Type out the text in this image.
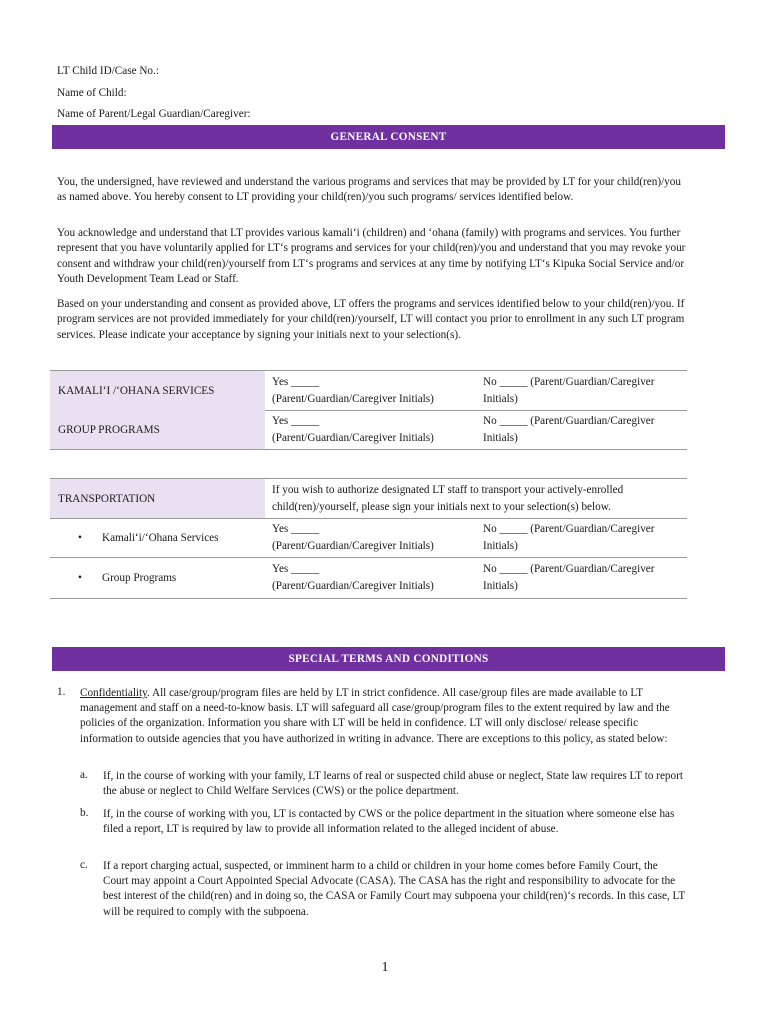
LT Child ID/Case No.:
Name of Child:
Name of Parent/Legal Guardian/Caregiver:
GENERAL CONSENT
You, the undersigned, have reviewed and understand the various programs and services that may be provided by LT for your child(ren)/you as named above. You hereby consent to LT providing your child(ren)/you such programs/ services identified below.
You acknowledge and understand that LT provides various kamaliʻi (children) and ʻohana (family) with programs and services. You further represent that you have voluntarily applied for LTʻs programs and services for your child(ren)/you and understand that you may revoke your consent and withdraw your child(ren)/yourself from LTʻs programs and services at any time by notifying LTʻs Kipuka Social Service and/or Youth Development Team Lead or Staff.
Based on your understanding and consent as provided above, LT offers the programs and services identified below to your child(ren)/you. If program services are not provided immediately for your child(ren)/yourself, LT will contact you prior to enrollment in any such LT program services. Please indicate your acceptance by signing your initials next to your selection(s).
KAMALIʻI /ʻOHANA SERVICES
Yes _____
(Parent/Guardian/Caregiver Initials)
No _____ (Parent/Guardian/Caregiver Initials)
GROUP PROGRAMS
Yes _____
(Parent/Guardian/Caregiver Initials)
No _____ (Parent/Guardian/Caregiver Initials)
TRANSPORTATION
If you wish to authorize designated LT staff to transport your actively-enrolled child(ren)/yourself, please sign your initials next to your selection(s) below.
• Kamaliʻi/ʻOhana Services
Yes _____
(Parent/Guardian/Caregiver Initials)
No _____ (Parent/Guardian/Caregiver Initials)
• Group Programs
Yes _____
(Parent/Guardian/Caregiver Initials)
No _____ (Parent/Guardian/Caregiver Initials)
SPECIAL TERMS AND CONDITIONS
1. Confidentiality. All case/group/program files are held by LT in strict confidence. All case/group files are made available to LT management and staff on a need-to-know basis. LT will safeguard all case/group/program files to the extent required by law and the policies of the organization. Information you share with LT will be held in confidence. LT will only disclose/ release specific information to outside agencies that you have authorized in writing in advance. There are exceptions to this policy, as stated below:
a. If, in the course of working with your family, LT learns of real or suspected child abuse or neglect, State law requires LT to report the abuse or neglect to Child Welfare Services (CWS) or the police department.
b. If, in the course of working with you, LT is contacted by CWS or the police department in the situation where someone else has filed a report, LT is required by law to provide all information related to the alleged incident of abuse.
c. If a report charging actual, suspected, or imminent harm to a child or children in your home comes before Family Court, the Court may appoint a Court Appointed Special Advocate (CASA). The CASA has the right and responsibility to advocate for the best interest of the child(ren) and in doing so, the CASA or Family Court may subpoena your child(ren)ʻs records. In this case, LT will be required to comply with the subpoena.
1
